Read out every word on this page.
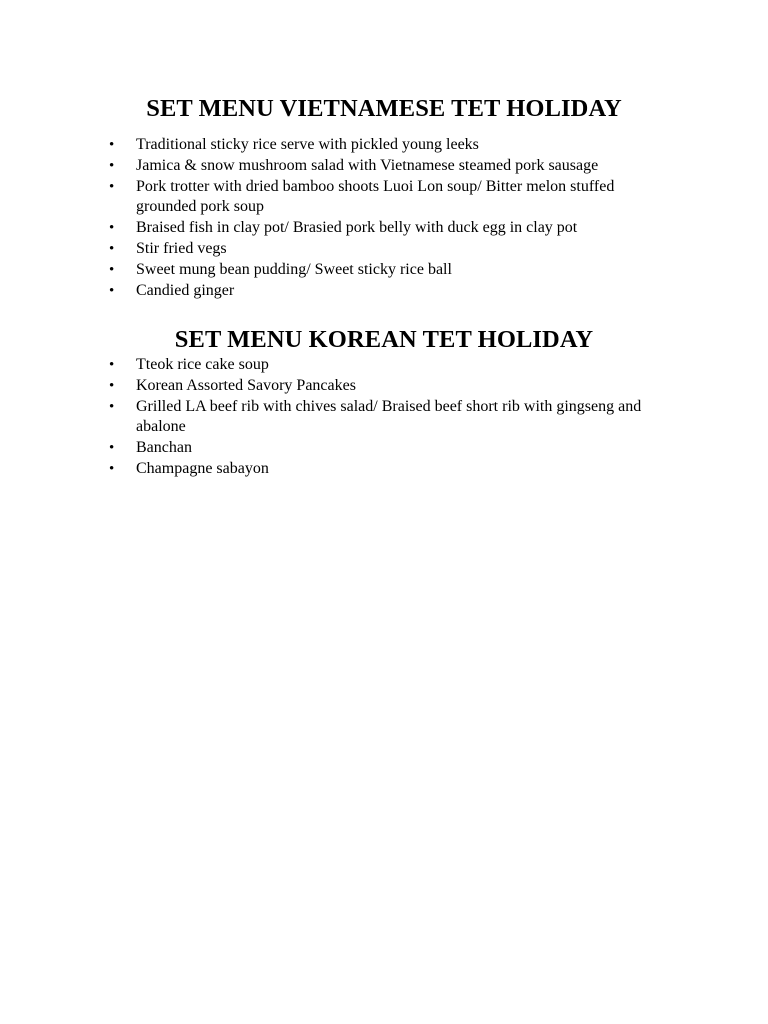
SET MENU VIETNAMESE TET HOLIDAY
• Traditional sticky rice serve with pickled young leeks
• Jamica & snow mushroom salad with Vietnamese steamed pork sausage
• Pork trotter with dried bamboo shoots Luoi Lon soup/ Bitter melon stuffed grounded pork soup
• Braised fish in clay pot/ Brasied pork belly with duck egg in clay pot
• Stir fried vegs
• Sweet mung bean pudding/ Sweet sticky rice ball
• Candied ginger
SET MENU KOREAN TET HOLIDAY
• Tteok rice cake soup
• Korean Assorted Savory Pancakes
• Grilled LA beef rib with chives salad/ Braised beef short rib with gingseng and abalone
• Banchan
• Champagne sabayon
